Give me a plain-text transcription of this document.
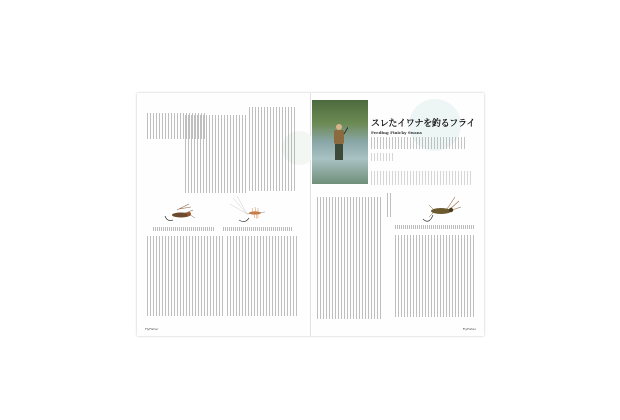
FlyFisher
スレたイワナを釣るフライ
Feeding Finicky Swans
FlyFisher
